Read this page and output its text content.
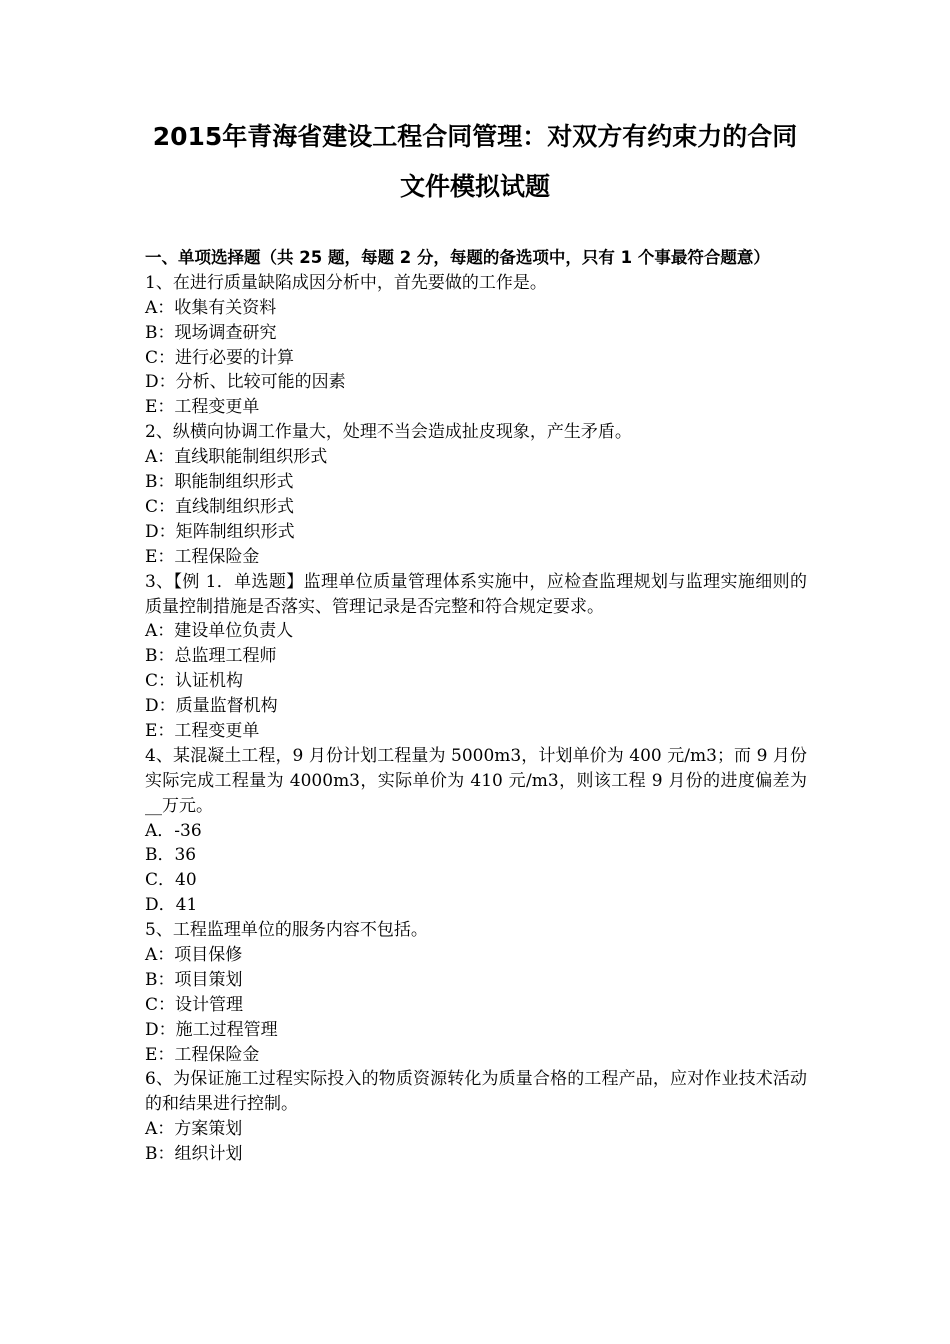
2015年青海省建设工程合同管理：对双方有约束力的合同
文件模拟试题
一、单项选择题（共 25 题，每题 2 分，每题的备选项中，只有 1 个事最符合题意）
1、在进行质量缺陷成因分析中，首先要做的工作是。
A：收集有关资料
B：现场调查研究
C：进行必要的计算
D：分析、比较可能的因素
E：工程变更单
2、纵横向协调工作量大，处理不当会造成扯皮现象，产生矛盾。
A：直线职能制组织形式
B：职能制组织形式
C：直线制组织形式
D：矩阵制组织形式
E：工程保险金
3、【例 1．单选题】监理单位质量管理体系实施中，应检查监理规划与监理实施细则的质量控制措施是否落实、管理记录是否完整和符合规定要求。
A：建设单位负责人
B：总监理工程师
C：认证机构
D：质量监督机构
E：工程变更单
4、某混凝土工程，9 月份计划工程量为 5000m3，计划单价为 400 元/m3；而 9 月份实际完成工程量为 4000m3，实际单价为 410 元/m3，则该工程 9 月份的进度偏差为__万元。
A．-36
B．36
C．40
D．41
5、工程监理单位的服务内容不包括。
A：项目保修
B：项目策划
C：设计管理
D：施工过程管理
E：工程保险金
6、为保证施工过程实际投入的物质资源转化为质量合格的工程产品，应对作业技术活动的和结果进行控制。
A：方案策划
B：组织计划
